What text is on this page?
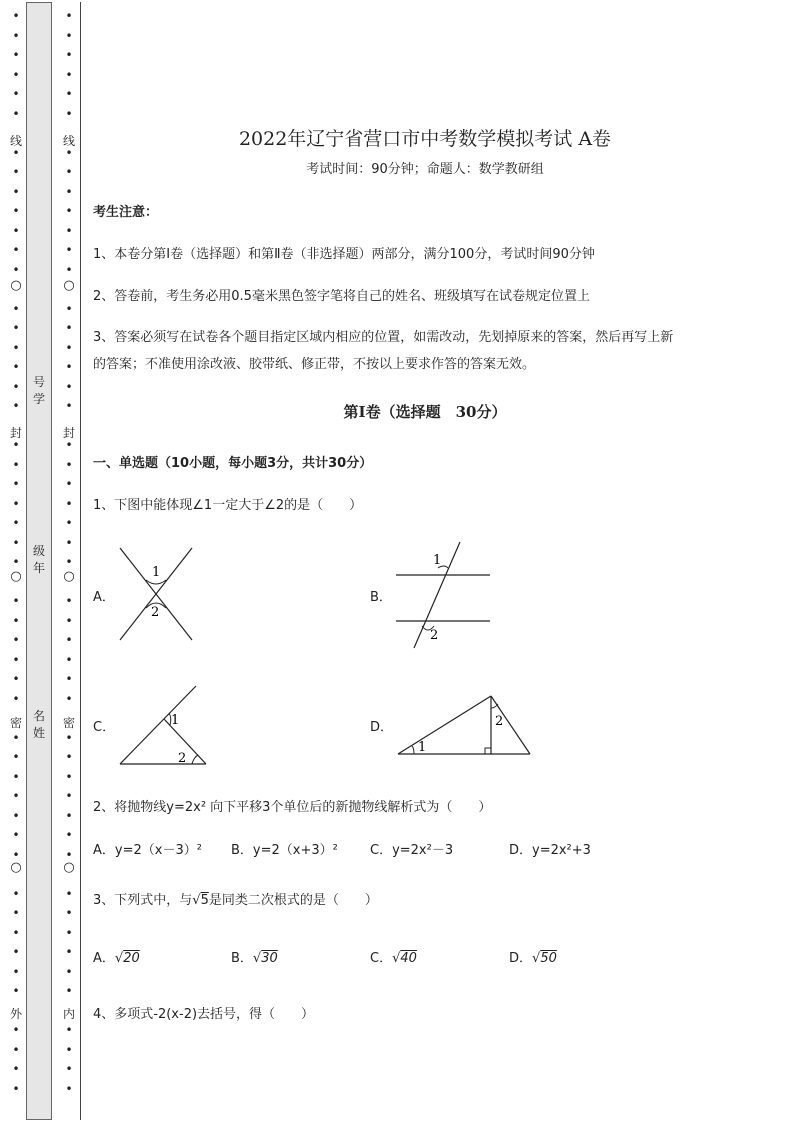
•
•
•
•
•
•
•
•
•
•
•
•
•
•
•
•
•
•
•
•
•
•
•
•
•
•
•
•
•
•
•
•
•
•
•
•
•
•
•
•
•
•
•
•
•
•
•
•
•
○
○
○
线
封
密
外
•
•
•
•
•
•
•
•
•
•
•
•
•
•
•
•
•
•
•
•
•
•
•
•
•
•
•
•
•
•
•
•
•
•
•
•
•
•
•
•
•
•
•
•
•
•
•
•
•
○
○
○
线
封
密
内
号
学
级
年
名
姓
2022年辽宁省营口市中考数学模拟考试 A卷
考试时间：90分钟；命题人：数学教研组
考生注意：
1、本卷分第I卷（选择题）和第Ⅱ卷（非选择题）两部分，满分100分，考试时间90分钟
2、答卷前，考生务必用0.5毫米黑色签字笔将自己的姓名、班级填写在试卷规定位置上
3、答案必须写在试卷各个题目指定区域内相应的位置，如需改动，先划掉原来的答案，然后再写上新
的答案；不准使用涂改液、胶带纸、修正带，不按以上要求作答的答案无效。
第I卷（选择题　30分）
一、单选题（10小题，每小题3分，共计30分）
1、下图中能体现∠1一定大于∠2的是（　　）
A．	B．
C．	D．
1
2
1
2
1
2
1
2
2、将抛物线y=2x² 向下平移3个单位后的新抛物线解析式为（　　）
A．y=2（x－3）² B．y=2（x+3）² C．y=2x²－3	D．y=2x²+3
3、下列式中，与√5是同类二次根式的是（　　）
A．√20	B．√30	C．√40	D．√50
4、多项式-2(x-2)去括号，得（　　）
